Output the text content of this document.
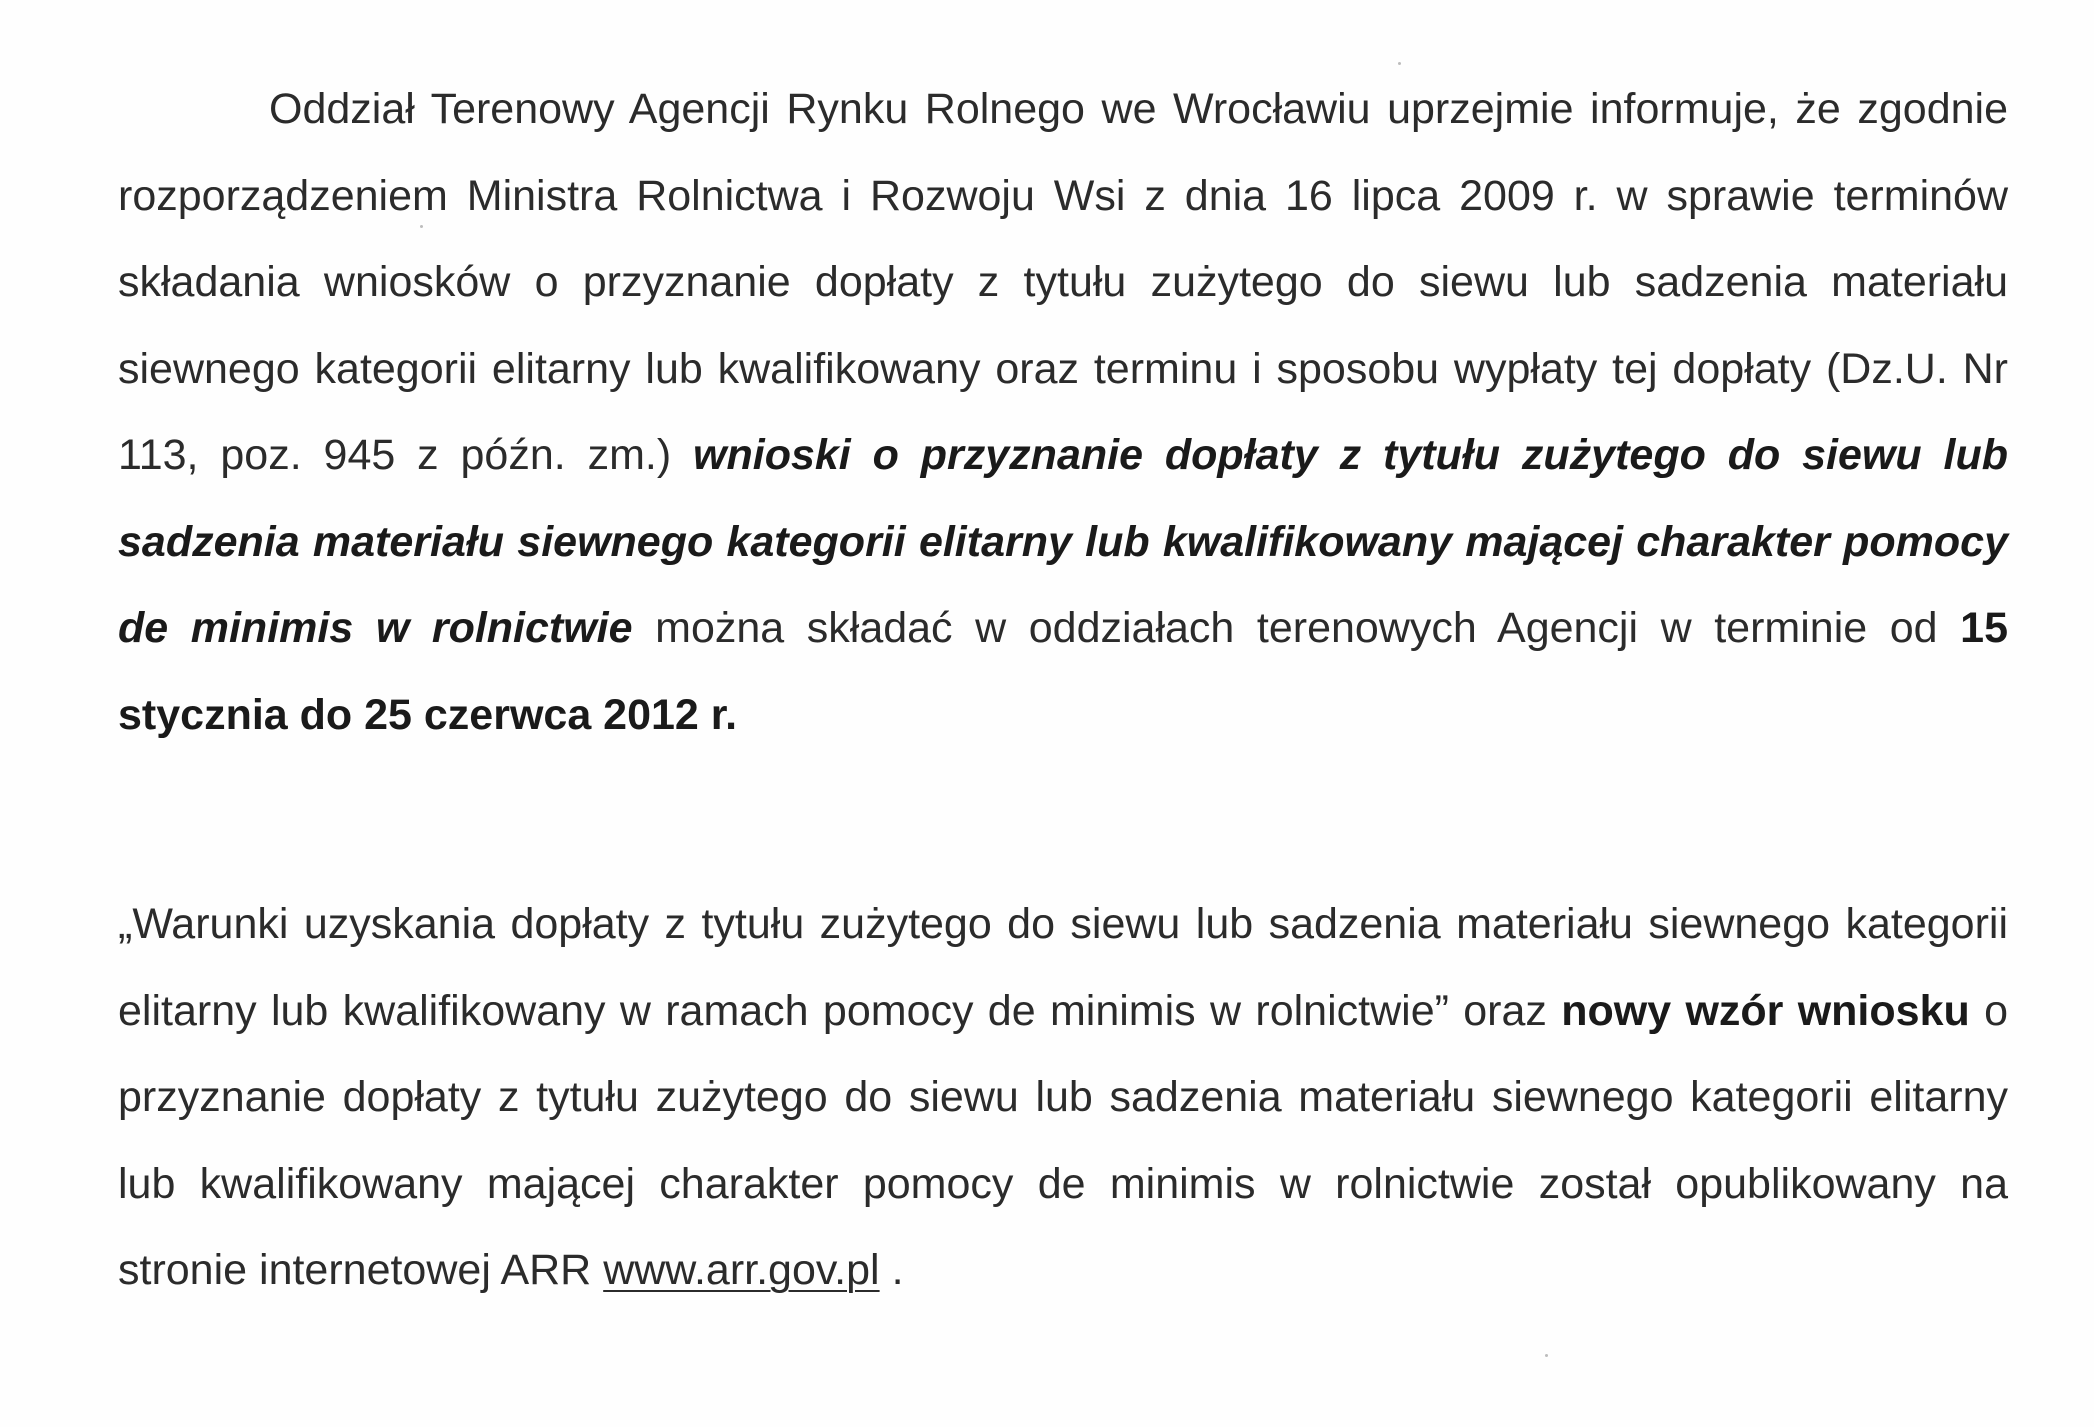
Oddział Terenowy Agencji Rynku Rolnego we Wrocławiu uprzejmie informuje, że zgodnie rozporządzeniem Ministra Rolnictwa i Rozwoju Wsi z dnia 16 lipca 2009 r. w sprawie terminów składania wniosków o przyznanie dopłaty z tytułu zużytego do siewu lub sadzenia materiału siewnego kategorii elitarny lub kwalifikowany oraz terminu i sposobu wypłaty tej dopłaty (Dz.U. Nr 113, poz. 945 z późn. zm.) wnioski o przyznanie dopłaty z tytułu zużytego do siewu lub sadzenia materiału siewnego kategorii elitarny lub kwalifikowany mającej charakter pomocy de minimis w rolnictwie można składać w oddziałach terenowych Agencji w terminie od 15 stycznia do 25 czerwca 2012 r.

„Warunki uzyskania dopłaty z tytułu zużytego do siewu lub sadzenia materiału siewnego kategorii elitarny lub kwalifikowany w ramach pomocy de minimis w rolnictwie” oraz nowy wzór wniosku o przyznanie dopłaty z tytułu zużytego do siewu lub sadzenia materiału siewnego kategorii elitarny lub kwalifikowany mającej charakter pomocy de minimis w rolnictwie został opublikowany na stronie internetowej ARR www.arr.gov.pl .
